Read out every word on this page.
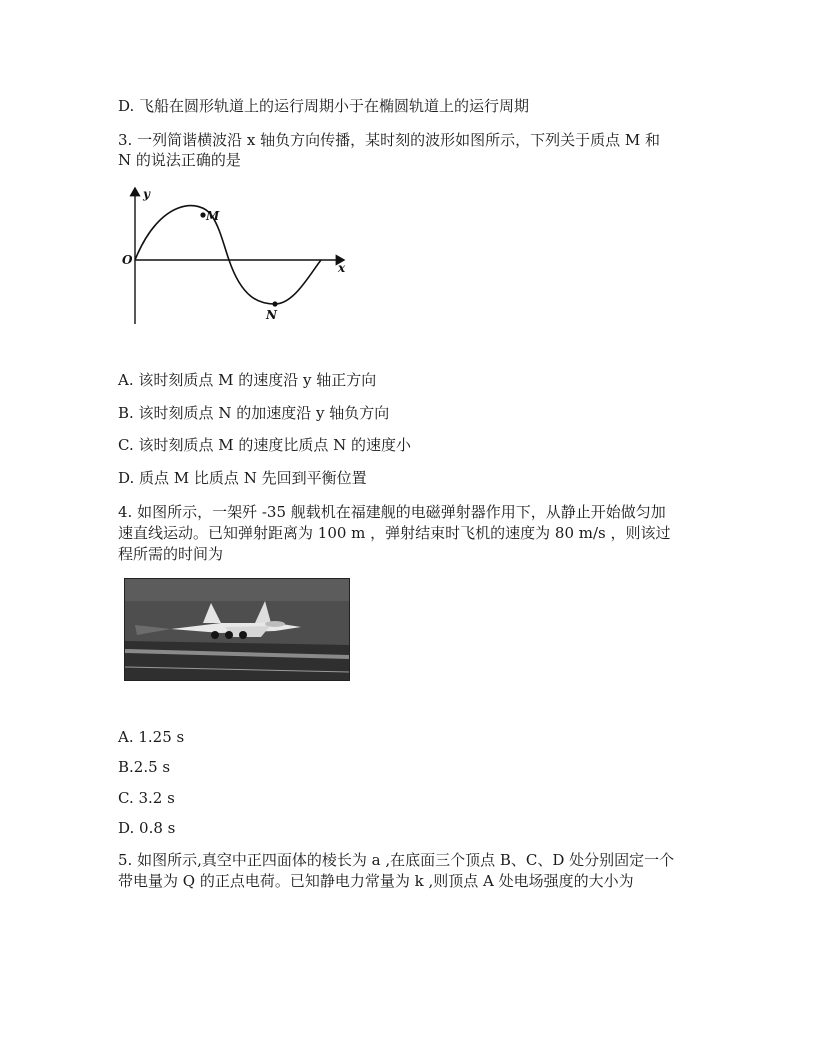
D. 飞船在圆形轨道上的运行周期小于在椭圆轨道上的运行周期
3. 一列简谐横波沿 x 轴负方向传播，某时刻的波形如图所示，下列关于质点 M 和
N 的说法正确的是
y
x
O
M
N
A. 该时刻质点 M 的速度沿 y 轴正方向
B. 该时刻质点 N 的加速度沿 y 轴负方向
C. 该时刻质点 M 的速度比质点 N 的速度小
D. 质点 M 比质点 N 先回到平衡位置
4. 如图所示，一架歼 -35 舰载机在福建舰的电磁弹射器作用下，从静止开始做匀加
速直线运动。已知弹射距离为 100 m ，弹射结束时飞机的速度为 80 m/s ，则该过
程所需的时间为
A. 1.25 s
B.2.5 s
C. 3.2 s
D. 0.8 s
5. 如图所示,真空中正四面体的棱长为 a ,在底面三个顶点 B、C、D 处分别固定一个
带电量为 Q 的正点电荷。已知静电力常量为 k ,则顶点 A 处电场强度的大小为
